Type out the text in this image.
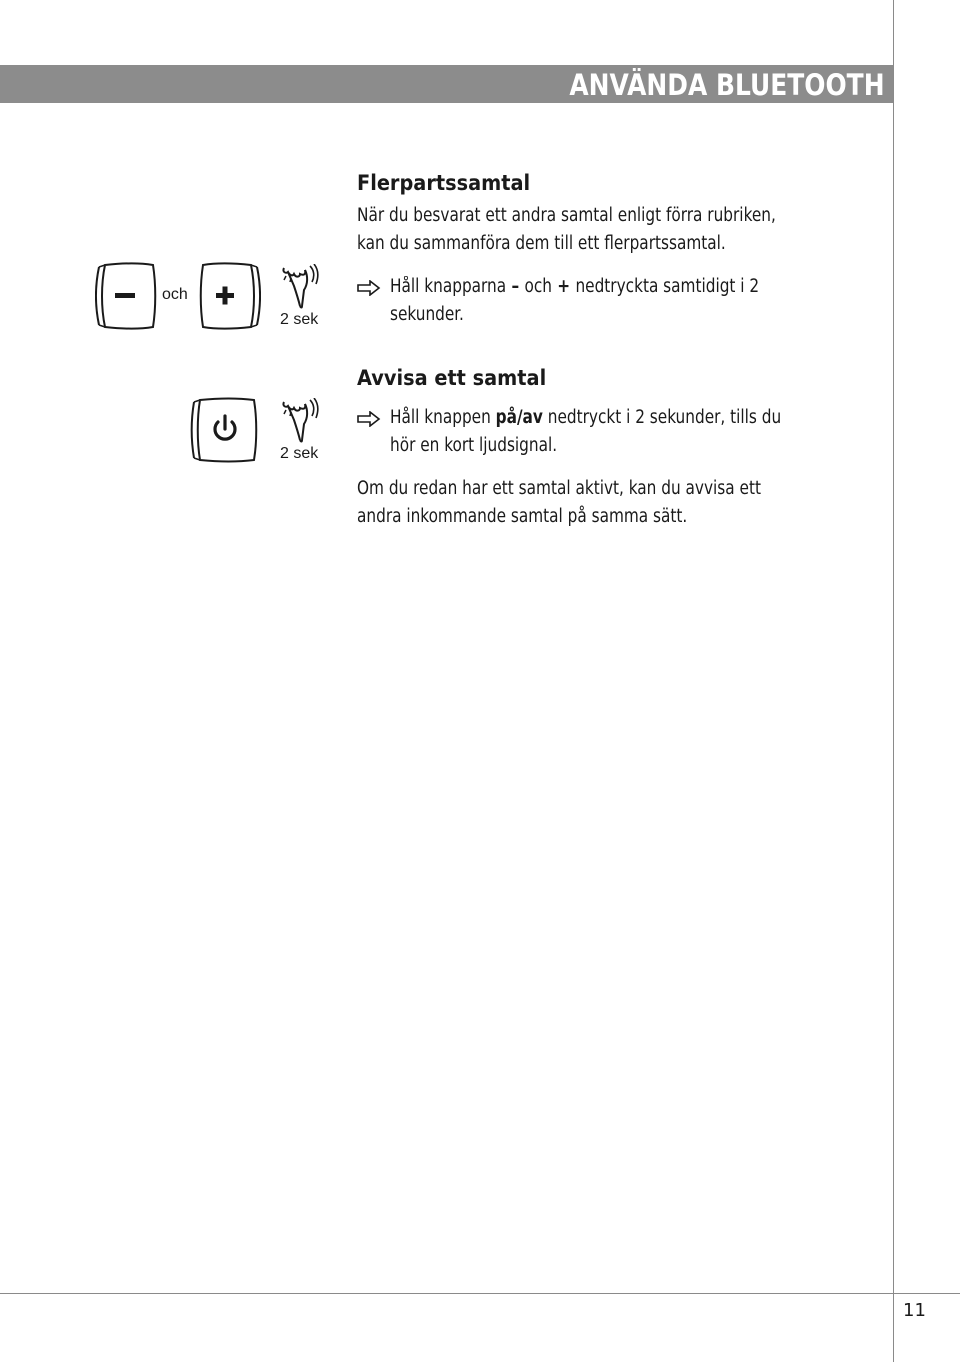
ANVÄNDA BLUETOOTH
Flerpartssamtal
När du besvarat ett andra samtal enligt förra rubriken,
kan du sammanföra dem till ett flerpartssamtal.
Håll knapparna – och + nedtryckta samtidigt i 2
sekunder.
och
2 sek
Avvisa ett samtal
Håll knappen på/av nedtryckt i 2 sekunder, tills du
hör en kort ljudsignal.
Om du redan har ett samtal aktivt, kan du avvisa ett
andra inkommande samtal på samma sätt.
2 sek
11
